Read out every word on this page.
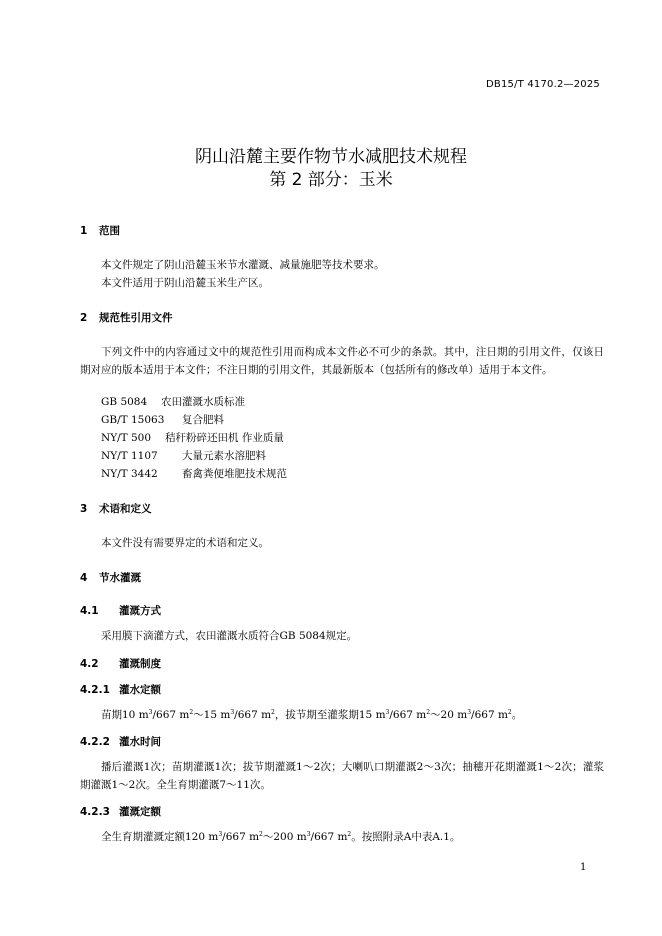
DB15/T 4170.2—2025
阴山沿麓主要作物节水减肥技术规程
第 2 部分：玉米
1 范围
本文件规定了阴山沿麓玉米节水灌溉、减量施肥等技术要求。
本文件适用于阴山沿麓玉米生产区。
2 规范性引用文件
下列文件中的内容通过文中的规范性引用而构成本文件必不可少的条款。其中，注日期的引用文件，仅该日期对应的版本适用于本文件；不注日期的引用文件，其最新版本（包括所有的修改单）适用于本文件。
GB 5084 农田灌溉水质标准
GB/T 15063 复合肥料
NY/T 500 秸秆粉碎还田机 作业质量
NY/T 1107 大量元素水溶肥料
NY/T 3442 畜禽粪便堆肥技术规范
3 术语和定义
本文件没有需要界定的术语和定义。
4 节水灌溉
4.1 灌溉方式
采用膜下滴灌方式，农田灌溉水质符合GB 5084规定。
4.2 灌溉制度
4.2.1 灌水定额
苗期10 $m^3/667$ $m^2\sim 15$ $m^3/667$ $m^2$，拔节期至灌浆期15 $m^3/667$ $m^2\sim 20$ $m^3/667$ $m^2$。
4.2.2 灌水时间
播后灌溉1次；苗期灌溉1次；拔节期灌溉1～2次；大喇叭口期灌溉2～3次；抽穗开花期灌溉1～2次；灌浆期灌溉1～2次。全生育期灌溉7～11次。
4.2.3 灌溉定额
全生育期灌溉定额120 $m^3/667$ $m^2\sim 200$ $m^3/667$ $m^2$。按照附录A中表A.1。
1
